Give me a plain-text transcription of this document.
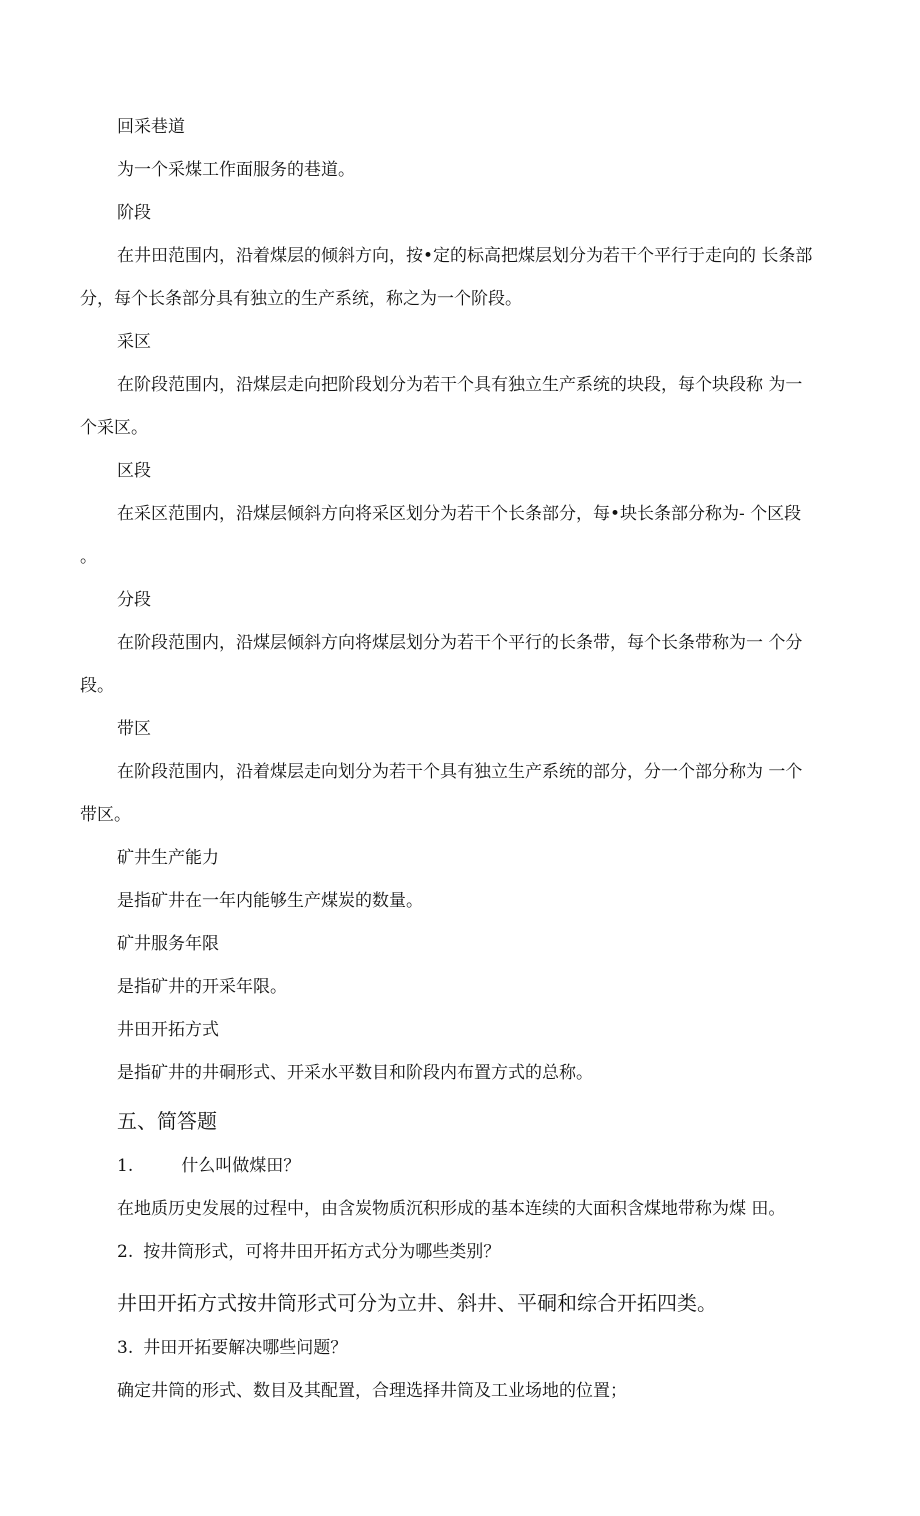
回采巷道
为一个采煤工作面服务的巷道。
阶段
在井田范围内，沿着煤层的倾斜方向，按•定的标高把煤层划分为若干个平行于走向的 长条部
分，每个长条部分具有独立的生产系统，称之为一个阶段。
采区
在阶段范围内，沿煤层走向把阶段划分为若干个具有独立生产系统的块段，每个块段称 为一
个采区。
区段
在采区范围内，沿煤层倾斜方向将采区划分为若干个长条部分，每•块长条部分称为- 个区段
。
分段
在阶段范围内，沿煤层倾斜方向将煤层划分为若干个平行的长条带，每个长条带称为一 个分
段。
带区
在阶段范围内，沿着煤层走向划分为若干个具有独立生产系统的部分，分一个部分称为 一个
带区。
矿井生产能力
是指矿井在一年内能够生产煤炭的数量。
矿井服务年限
是指矿井的开采年限。
井田开拓方式
是指矿井的井硐形式、开采水平数目和阶段内布置方式的总称。
五、简答题
1.	什么叫做煤田？
在地质历史发展的过程中，由含炭物质沉积形成的基本连续的大面积含煤地带称为煤 田。
2. 按井筒形式，可将井田开拓方式分为哪些类别？
井田开拓方式按井筒形式可分为立井、斜井、平硐和综合开拓四类。
3. 井田开拓要解决哪些问题？
确定井筒的形式、数目及其配置，合理选择井筒及工业场地的位置；
